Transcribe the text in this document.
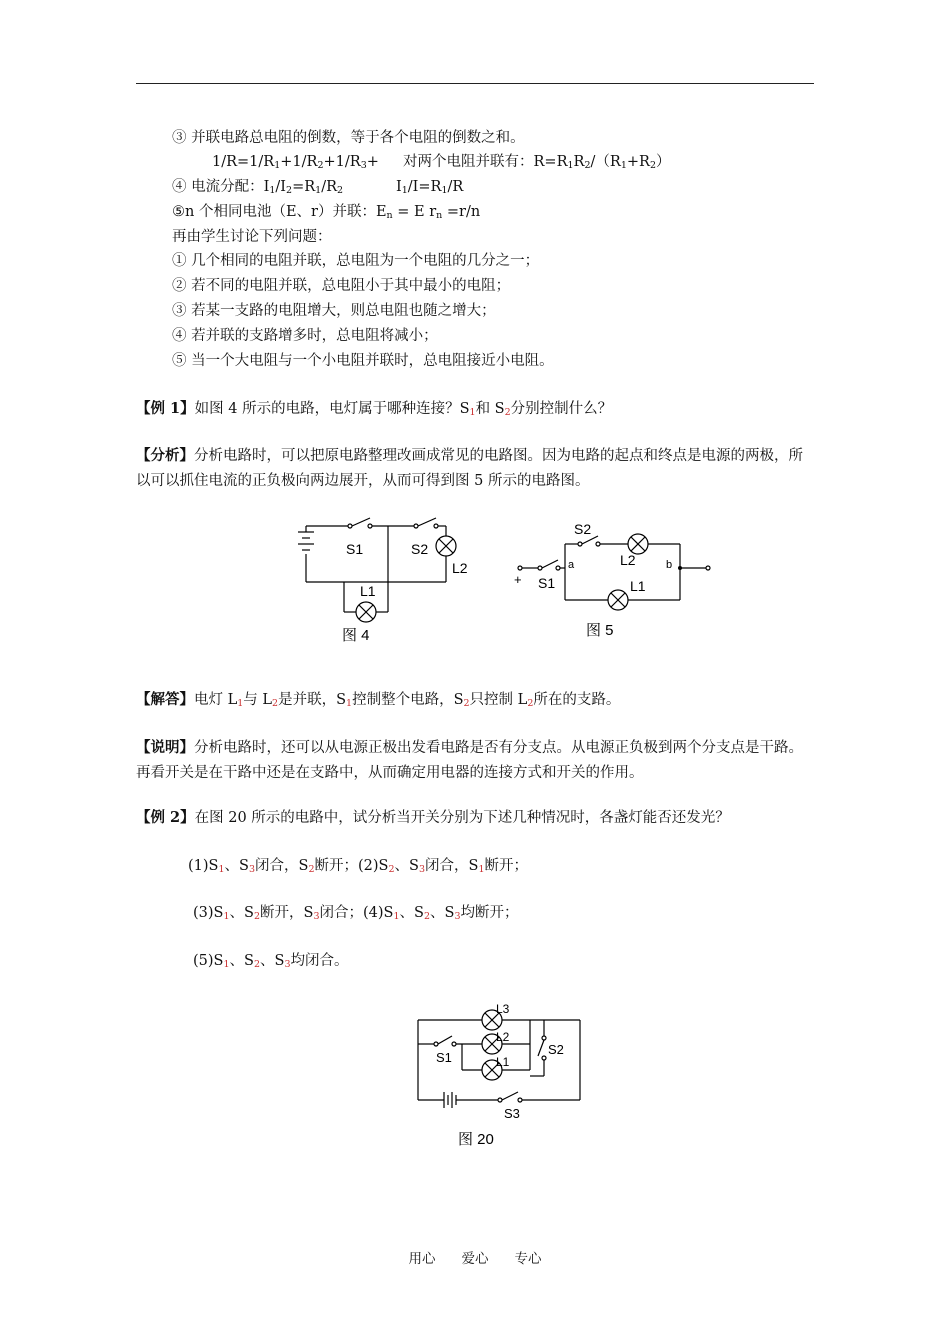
③ 并联电路总电阻的倒数，等于各个电阻的倒数之和。
$1/R=1/R_1+1/R_2+1/R_3+$ 对两个电阻并联有：$R=R_1R_2/(R_1+R_2)$
④ 电流分配：$I_1/I_2=R_1/R_2$	$I_1/I=R_1/R$
⑤n 个相同电池（E、r）并联：$E_n = E$ $r_n =r/n$
再由学生讨论下列问题：
① 几个相同的电阻并联，总电阻为一个电阻的几分之一；
② 若不同的电阻并联，总电阻小于其中最小的电阻；
③ 若某一支路的电阻增大，则总电阻也随之增大；
④ 若并联的支路增多时，总电阻将减小；
⑤ 当一个大电阻与一个小电阻并联时，总电阻接近小电阻。
【例 1】如图 4 所示的电路，电灯属于哪种连接？$S_1$和 $S_2$分别控制什么？
【分析】分析电路时，可以把原电路整理改画成常见的电路图。因为电路的起点和终点是电源的两极，所以可以抓住电流的正负极向两边展开，从而可得到图 5 所示的电路图。
S1	S2
L2
L1
图 4
+ S1
a
S2
L2	b
L1
图 5
【解答】电灯 $L_1$与 $L_2$是并联，$S_1$控制整个电路，$S_2$只控制 $L_2$所在的支路。
【说明】分析电路时，还可以从电源正极出发看电路是否有分支点。从电源正负极到两个分支点是干路。再看开关是在干路中还是在支路中，从而确定用电器的连接方式和开关的作用。
【例 2】在图 20 所示的电路中，试分析当开关分别为下述几种情况时，各盏灯能否还发光？
$(1)S_1$、$S_3$闭合，$S_2$断开；$(2)S_2$、$S_3$闭合，$S_1$断开；
$(3)S_1$、$S_2$断开，$S_3$闭合；$(4)S_1$、$S_2$、$S_3$均断开；
$(5)S_1$、$S_2$、$S_3$均闭合。
L3
L2
L1
S1
S2
S3
图 20
用心 爱心 专心
